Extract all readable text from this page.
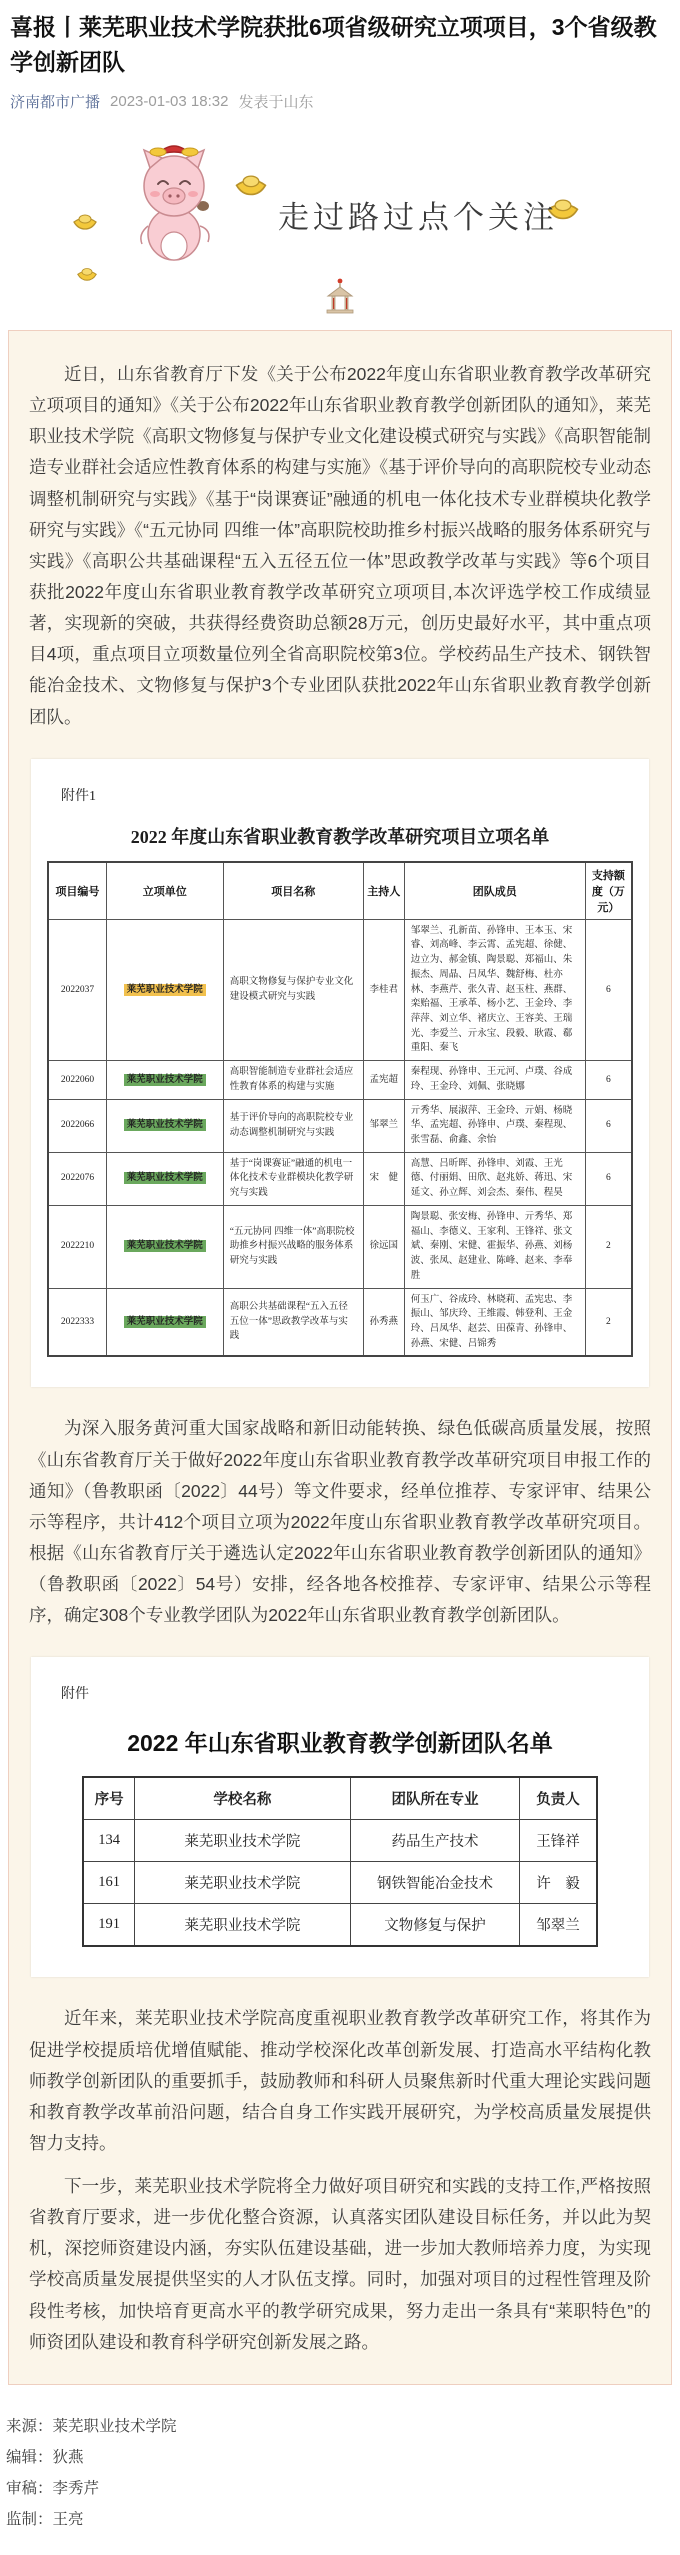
喜报丨莱芜职业技术学院获批6项省级研究立项项目，3个省级教学创新团队
济南都市广播 2023-01-03 18:32 发表于山东
走过路过点个关注

近日，山东省教育厅下发《关于公布2022年度山东省职业教育教学改革研究立项项目的通知》《关于公布2022年山东省职业教育教学创新团队的通知》，莱芜职业技术学院《高职文物修复与保护专业文化建设模式研究与实践》《高职智能制造专业群社会适应性教育体系的构建与实施》《基于评价导向的高职院校专业动态调整机制研究与实践》《基于“岗课赛证”融通的机电一体化技术专业群模块化教学研究与实践》《“五元协同 四维一体”高职院校助推乡村振兴战略的服务体系研究与实践》《高职公共基础课程“五入五径五位一体”思政教学改革与实践》等6个项目获批2022年度山东省职业教育教学改革研究立项项目,本次评选学校工作成绩显著，实现新的突破，共获得经费资助总额28万元，创历史最好水平，其中重点项目4项，重点项目立项数量位列全省高职院校第3位。学校药品生产技术、钢铁智能冶金技术、文物修复与保护3个专业团队获批2022年山东省职业教育教学创新团队。

附件1
2022 年度山东省职业教育教学改革研究项目立项名单
项目编号	立项单位	项目名称	主持人	团队成员	支持额度（万元）
2022037	莱芜职业技术学院	高职文物修复与保护专业文化建设模式研究与实践	李桂君	邹翠兰、孔新苗、孙锋申、王本玉、宋睿、刘高峰、李云霄、孟宪超、徐健、边立为、郝金镇、陶景聪、郑福山、朱振杰、周晶、吕凤华、魏舒梅、杜亦林、李燕芹、张久青、赵玉柱、燕群、栾贻福、王承革、杨小艺、王金玲、李萍萍、刘立华、褚庆立、王容美、王瑞光、李爱兰、亓永宝、段毅、耿霞、郗重阳、秦飞	6
2022060	莱芜职业技术学院	高职智能制造专业群社会适应性教育体系的构建与实施	孟宪超	秦程现、孙锋申、王元河、卢璞、谷成玲、王金玲、刘佩、张晓娜	6
2022066	莱芜职业技术学院	基于评价导向的高职院校专业动态调整机制研究与实践	邹翠兰	亓秀华、展淑萍、王金玲、亓娟、杨晓华、孟宪超、孙锋申、卢璞、秦程现、张雪磊、俞鑫、余怡	6
2022076	莱芜职业技术学院	基于“岗课赛证”融通的机电一体化技术专业群模块化教学研究与实践	宋　健	高慧、吕昕晖、孙锋申、刘霞、王光德、付丽娟、田欣、赵兆娇、蒋迅、宋延文、孙立辉、刘会杰、秦伟、程昊	6
2022210	莱芜职业技术学院	“五元协同 四维一体”高职院校助推乡村振兴战略的服务体系研究与实践	徐远国	陶景聪、张安梅、孙锋申、亓秀华、郑福山、李德义、王家利、王锋祥、张文斌、秦刚、宋健、霍振华、孙燕、刘杨波、张凤、赵建业、陈峰、赵来、李奉胜	2
2022333	莱芜职业技术学院	高职公共基础课程“五入五径五位一体”思政教学改革与实践	孙秀燕	何玉广、谷成玲、林晓莉、孟宪忠、李振山、邹庆玲、王维霞、韩登利、王金玲、吕凤华、赵芸、田葆青、孙锋申、孙燕、宋健、吕锦秀	2

为深入服务黄河重大国家战略和新旧动能转换、绿色低碳高质量发展，按照《山东省教育厅关于做好2022年度山东省职业教育教学改革研究项目申报工作的通知》（鲁教职函〔2022〕44号）等文件要求，经单位推荐、专家评审、结果公示等程序，共计412个项目立项为2022年度山东省职业教育教学改革研究项目。根据《山东省教育厅关于遴选认定2022年山东省职业教育教学创新团队的通知》（鲁教职函〔2022〕54号）安排，经各地各校推荐、专家评审、结果公示等程序，确定308个专业教学团队为2022年山东省职业教育教学创新团队。

附件
2022 年山东省职业教育教学创新团队名单
序号	学校名称	团队所在专业	负责人
134	莱芜职业技术学院	药品生产技术	王锋祥
161	莱芜职业技术学院	钢铁智能冶金技术	许　毅
191	莱芜职业技术学院	文物修复与保护	邹翠兰

近年来，莱芜职业技术学院高度重视职业教育教学改革研究工作，将其作为促进学校提质培优增值赋能、推动学校深化改革创新发展、打造高水平结构化教师教学创新团队的重要抓手，鼓励教师和科研人员聚焦新时代重大理论实践问题和教育教学改革前沿问题，结合自身工作实践开展研究，为学校高质量发展提供智力支持。

下一步，莱芜职业技术学院将全力做好项目研究和实践的支持工作,严格按照省教育厅要求，进一步优化整合资源，认真落实团队建设目标任务，并以此为契机，深挖师资建设内涵，夯实队伍建设基础，进一步加大教师培养力度，为实现学校高质量发展提供坚实的人才队伍支撑。同时，加强对项目的过程性管理及阶段性考核，加快培育更高水平的教学研究成果，努力走出一条具有“莱职特色”的师资团队建设和教育科学研究创新发展之路。

来源：莱芜职业技术学院
编辑：狄燕
审稿：李秀芹
监制：王亮
